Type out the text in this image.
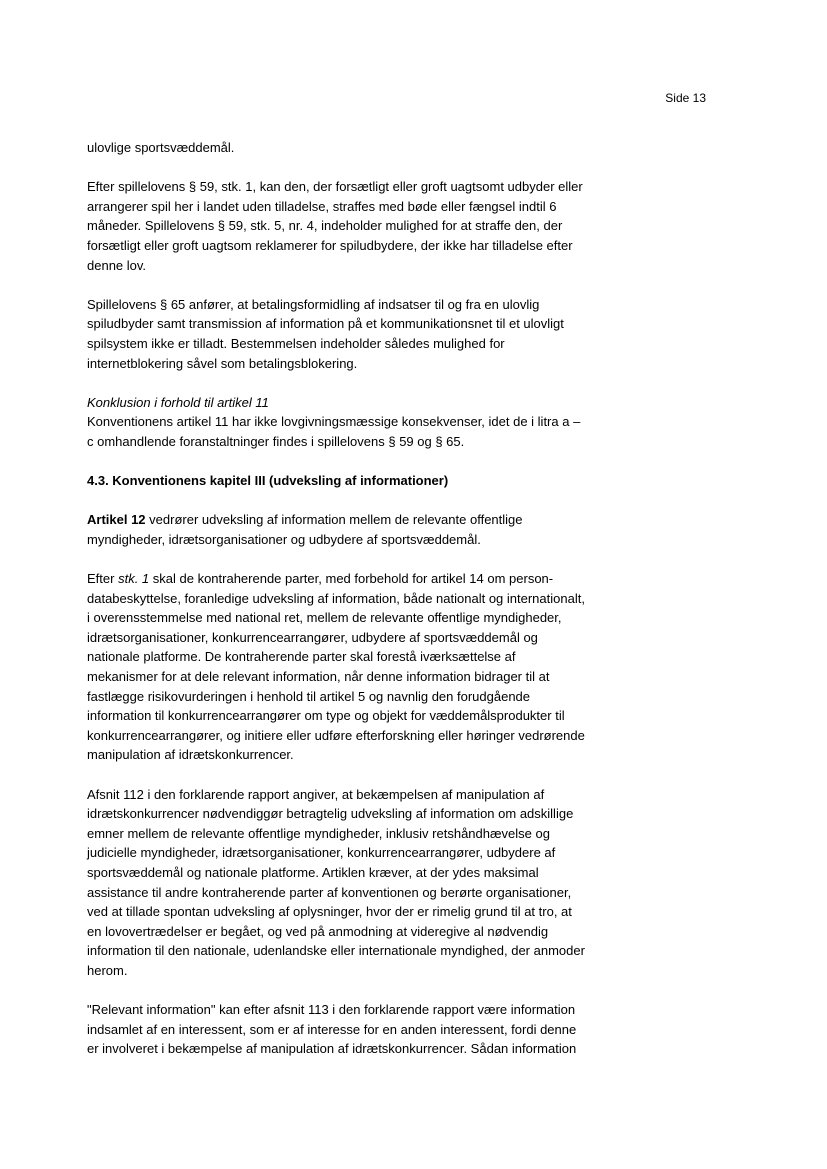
Side 13

ulovlige sportsvæddemål.

Efter spillelovens § 59, stk. 1, kan den, der forsætligt eller groft uagtsomt udbyder eller
arrangerer spil her i landet uden tilladelse, straffes med bøde eller fængsel indtil 6
måneder. Spillelovens § 59, stk. 5, nr. 4, indeholder mulighed for at straffe den, der
forsætligt eller groft uagtsom reklamerer for spiludbydere, der ikke har tilladelse efter
denne lov.

Spillelovens § 65 anfører, at betalingsformidling af indsatser til og fra en ulovlig
spiludbyder samt transmission af information på et kommunikationsnet til et ulovligt
spilsystem ikke er tilladt. Bestemmelsen indeholder således mulighed for
internetblokering såvel som betalingsblokering.

Konklusion i forhold til artikel 11
Konventionens artikel 11 har ikke lovgivningsmæssige konsekvenser, idet de i litra a –
c omhandlende foranstaltninger findes i spillelovens § 59 og § 65.

4.3. Konventionens kapitel III (udveksling af informationer)

Artikel 12 vedrører udveksling af information mellem de relevante offentlige
myndigheder, idrætsorganisationer og udbydere af sportsvæddemål.

Efter stk. 1 skal de kontraherende parter, med forbehold for artikel 14 om person-
databeskyttelse, foranledige udveksling af information, både nationalt og internationalt,
i overensstemmelse med national ret, mellem de relevante offentlige myndigheder,
idrætsorganisationer, konkurrencearrangører, udbydere af sportsvæddemål og
nationale platforme. De kontraherende parter skal forestå iværksættelse af
mekanismer for at dele relevant information, når denne information bidrager til at
fastlægge risikovurderingen i henhold til artikel 5 og navnlig den forudgående
information til konkurrencearrangører om type og objekt for væddemålsprodukter til
konkurrencearrangører, og initiere eller udføre efterforskning eller høringer vedrørende
manipulation af idrætskonkurrencer.

Afsnit 112 i den forklarende rapport angiver, at bekæmpelsen af manipulation af
idrætskonkurrencer nødvendiggør betragtelig udveksling af information om adskillige
emner mellem de relevante offentlige myndigheder, inklusiv retshåndhævelse og
judicielle myndigheder, idrætsorganisationer, konkurrencearrangører, udbydere af
sportsvæddemål og nationale platforme. Artiklen kræver, at der ydes maksimal
assistance til andre kontraherende parter af konventionen og berørte organisationer,
ved at tillade spontan udveksling af oplysninger, hvor der er rimelig grund til at tro, at
en lovovertrædelser er begået, og ved på anmodning at videregive al nødvendig
information til den nationale, udenlandske eller internationale myndighed, der anmoder
herom.

"Relevant information" kan efter afsnit 113 i den forklarende rapport være information
indsamlet af en interessent, som er af interesse for en anden interessent, fordi denne
er involveret i bekæmpelse af manipulation af idrætskonkurrencer. Sådan information
